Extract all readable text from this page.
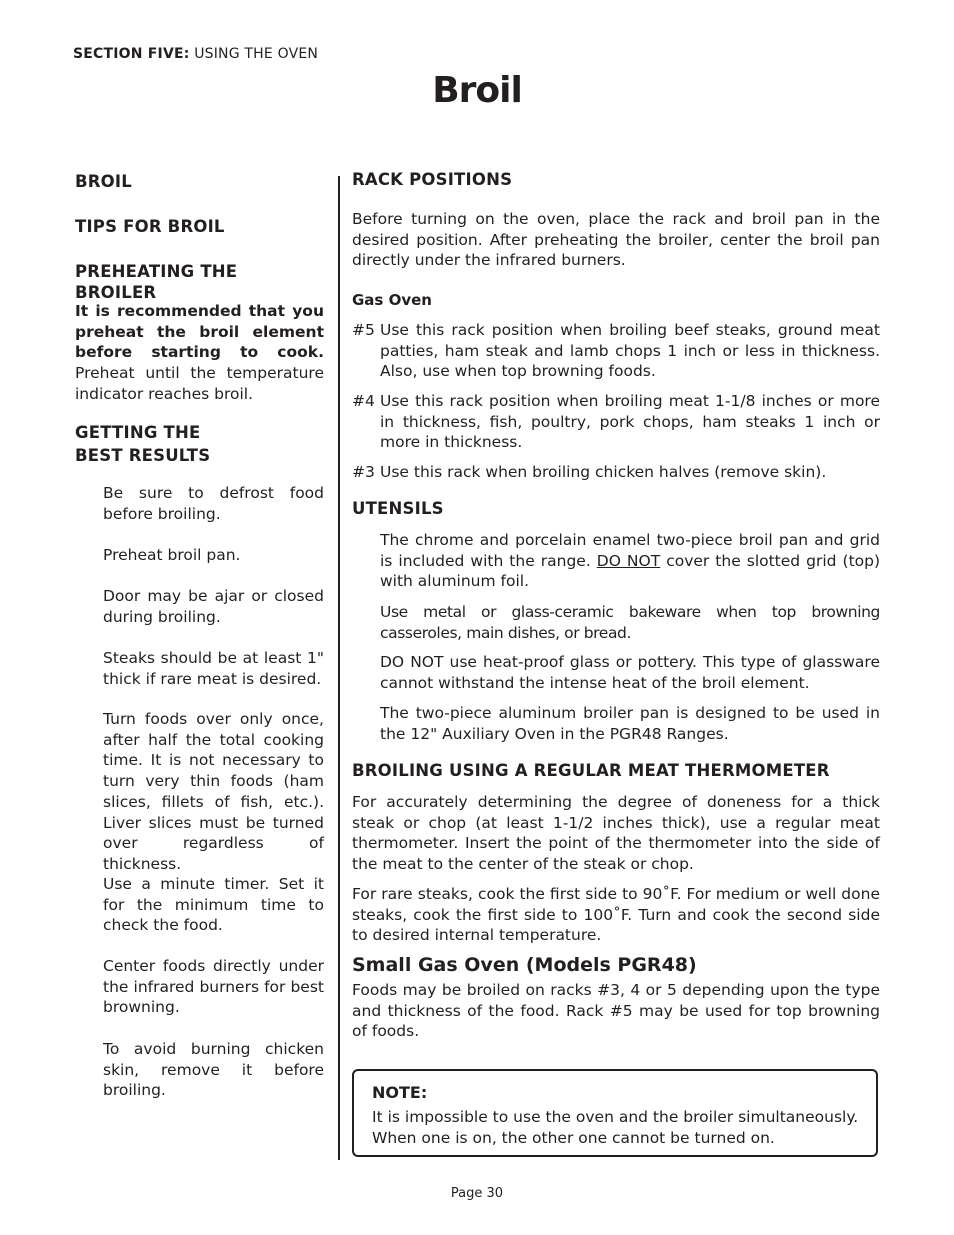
SECTION FIVE: USING THE OVEN
Broil
BROIL
TIPS FOR BROIL
PREHEATING THE BROILER
It is recommended that you preheat the broil element before starting to cook. Preheat until the temperature indicator reaches broil.
GETTING THE
BEST RESULTS
Be sure to defrost food before broiling.
Preheat broil pan.
Door may be ajar or closed during broiling.
Steaks should be at least 1" thick if rare meat is desired.
Turn foods over only once, after half the total cooking time. It is not necessary to turn very thin foods (ham slices, fillets of fish, etc.). Liver slices must be turned over regardless of thickness.
Use a minute timer. Set it for the minimum time to check the food.
Center foods directly under the infrared burners for best browning.
To avoid burning chicken skin, remove it before broiling.
RACK POSITIONS
Before turning on the oven, place the rack and broil pan in the desired position. After preheating the broiler, center the broil pan directly under the infrared burners.
Gas Oven
#5 Use this rack position when broiling beef steaks, ground meat patties, ham steak and lamb chops 1 inch or less in thickness. Also, use when top browning foods.
#4 Use this rack position when broiling meat 1-1/8 inches or more in thickness, fish, poultry, pork chops, ham steaks 1 inch or more in thickness.
#3 Use this rack when broiling chicken halves (remove skin).
UTENSILS
The chrome and porcelain enamel two-piece broil pan and grid is included with the range. DO NOT cover the slotted grid (top) with aluminum foil.
Use metal or glass-ceramic bakeware when top browning casseroles, main dishes, or bread.
DO NOT use heat-proof glass or pottery. This type of glassware cannot withstand the intense heat of the broil element.
The two-piece aluminum broiler pan is designed to be used in the 12" Auxiliary Oven in the PGR48 Ranges.
BROILING USING A REGULAR MEAT THERMOMETER
For accurately determining the degree of doneness for a thick steak or chop (at least 1-1/2 inches thick), use a regular meat thermometer. Insert the point of the thermometer into the side of the meat to the center of the steak or chop.
For rare steaks, cook the first side to 90˚F. For medium or well done steaks, cook the first side to 100˚F. Turn and cook the second side to desired internal temperature.
Small Gas Oven (Models PGR48)
Foods may be broiled on racks #3, 4 or 5 depending upon the type and thickness of the food. Rack #5 may be used for top browning of foods.
NOTE:
It is impossible to use the oven and the broiler simultaneously. When one is on, the other one cannot be turned on.
Page 30
